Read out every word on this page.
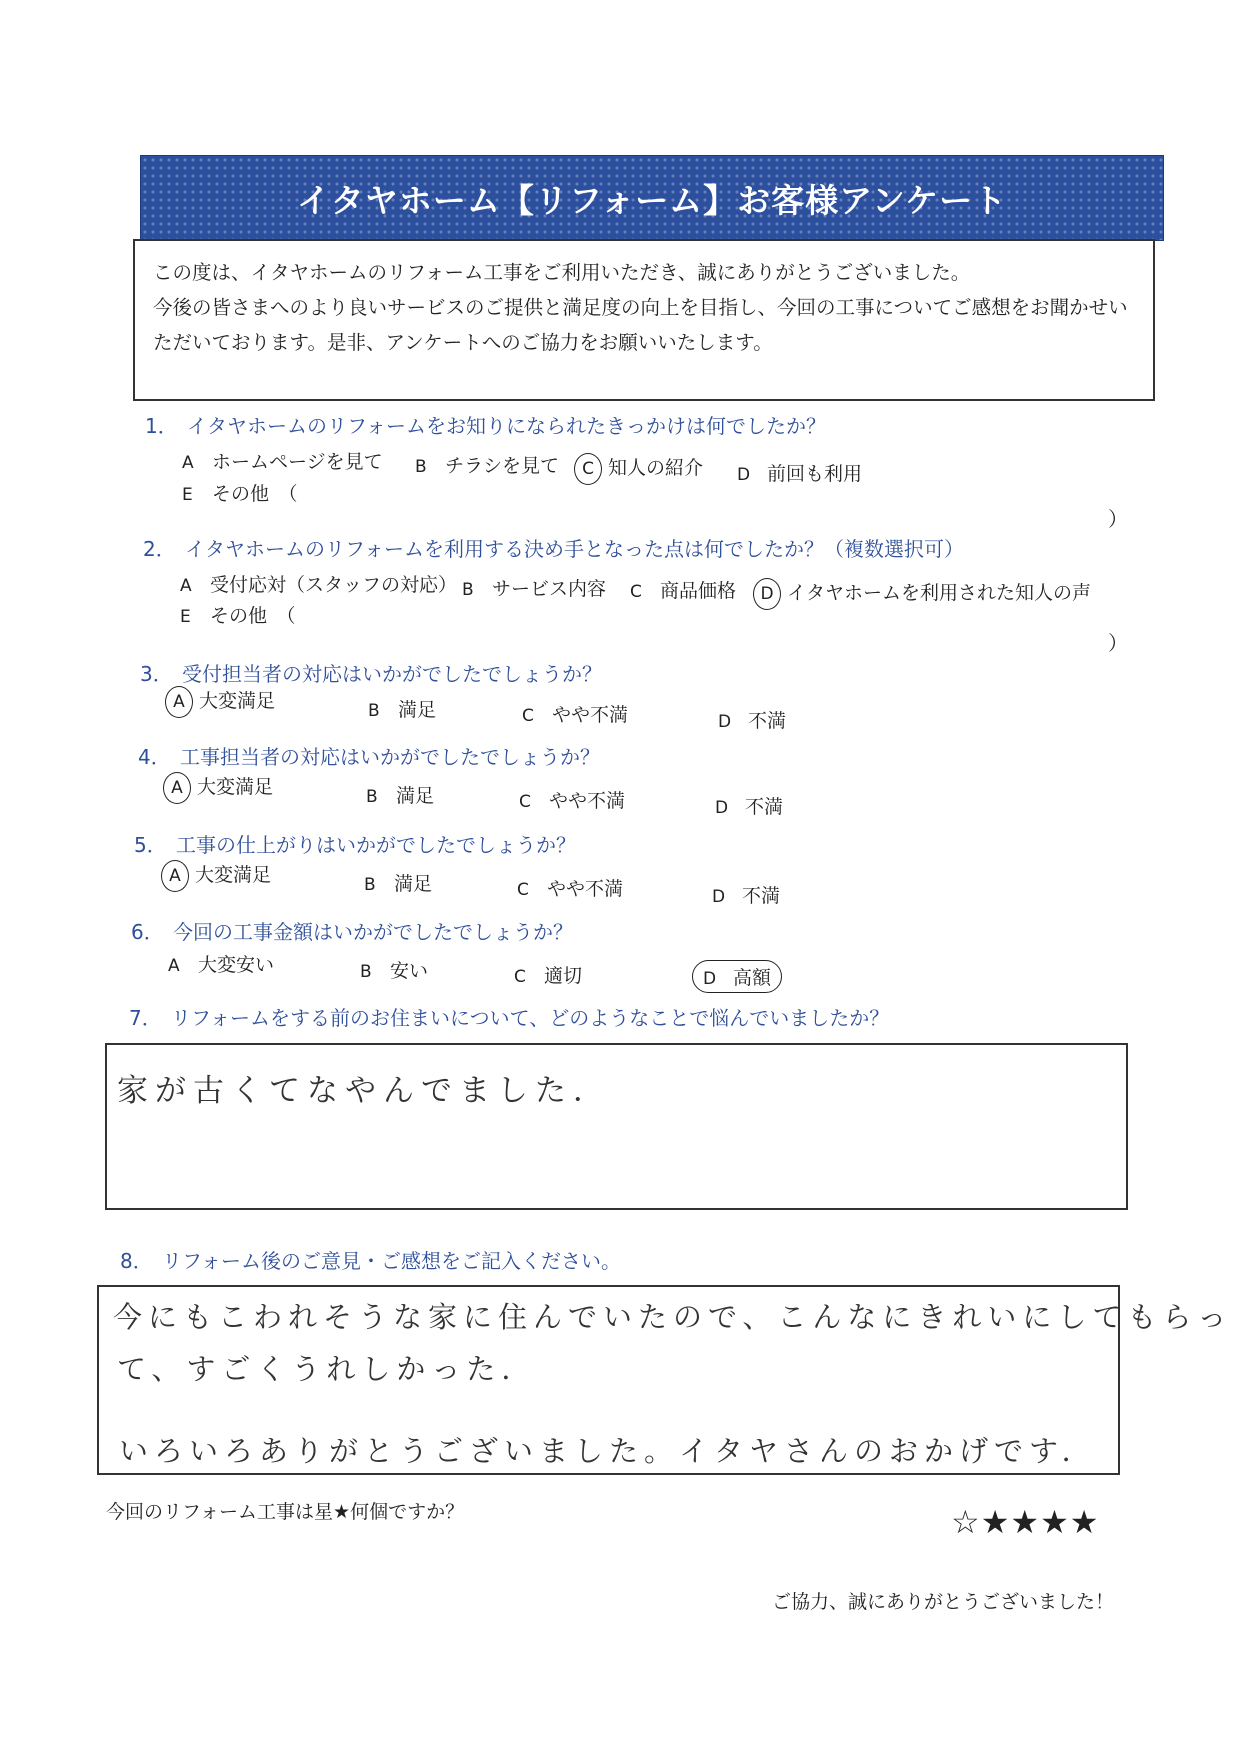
イタヤホーム【リフォーム】お客様アンケート
この度は、イタヤホームのリフォーム工事をご利用いただき、誠にありがとうございました。
今後の皆さまへのより良いサービスのご提供と満足度の向上を目指し、今回の工事についてご感想をお聞かせい
ただいております。是非、アンケートへのご協力をお願いいたします。
1． イタヤホームのリフォームをお知りになられたきっかけは何でしたか？
A ホームページを見て B チラシを見て	C 知人の紹介 D 前回も利用
E その他　（
）
2． イタヤホームのリフォームを利用する決め手となった点は何でしたか？（複数選択可）
A 受付応対（スタッフの対応） B サービス内容 C 商品価格	D イタヤホームを利用された知人の声
E その他　（
）
3． 受付担当者の対応はいかがでしたでしょうか？
A 大変満足	B 満足	C やや不満	D 不満
4． 工事担当者の対応はいかがでしたでしょうか？
A 大変満足	B 満足	C やや不満	D 不満
5． 工事の仕上がりはいかがでしたでしょうか？
A 大変満足	B 満足	C やや不満	D 不満
6． 今回の工事金額はいかがでしたでしょうか？
A 大変安い	B 安い	C 適切	D 高額
7． リフォームをする前のお住まいについて、どのようなことで悩んでいましたか？
家が古くてなやんでました．
8． リフォーム後のご意見・ご感想をご記入ください。
今にもこわれそうな家に住んでいたので、こんなにきれいにしてもらっ
て、すごくうれしかった．
いろいろありがとうございました。イタヤさんのおかげです．
今回のリフォーム工事は星★何個ですか？	☆★★★★
ご協力、誠にありがとうございました！
